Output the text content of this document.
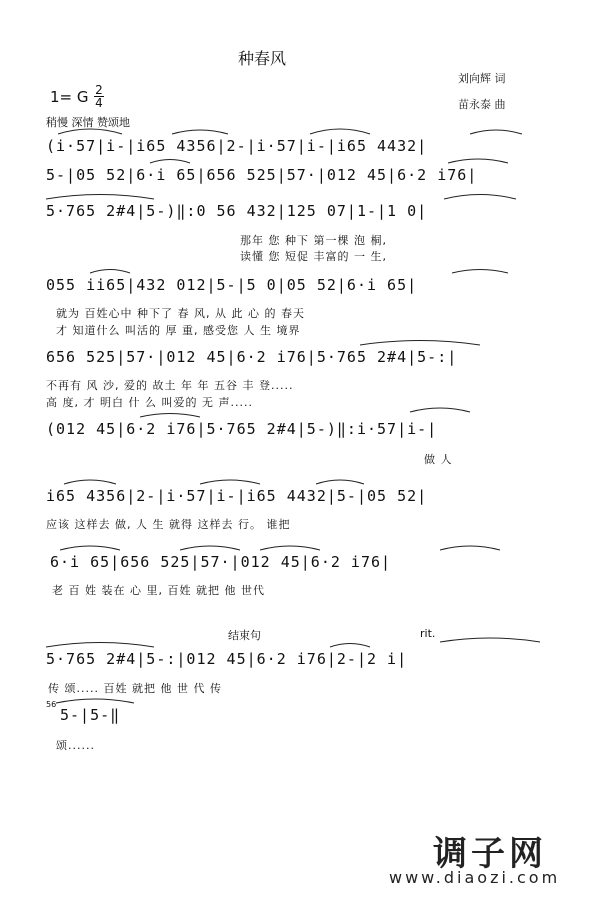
种春风
刘向辉 词
苗永泰 曲
1= G 2
4
稍慢 深情 赞颂地
(i·57|i-|i65 4356|2-|i·57|i-|i65 4432|
5-|05 52|6·i 65|656 525|57·|012 45|6·2 i76|
5·765 2#4|5-)‖:0 56 432|125 07|1-|1 0|
那年 您 种下 第一棵 泡 桐,
读懂 您 短促 丰富的 一 生,
055 ii65|432 012|5-|5 0|05 52|6·i 65|
就为 百姓心中 种下了 春 风, 从 此 心 的 春天
才 知道什么 叫活的 厚 重, 感受您 人 生 境界
656 525|57·|012 45|6·2 i76|5·765 2#4|5-:|
不再有 风 沙, 爱的 故土 年 年 五谷 丰 登.....
高 度, 才 明白 什 么 叫爱的 无 声.....
(012 45|6·2 i76|5·765 2#4|5-)‖:i·57|i-|
做 人
i65 4356|2-|i·57|i-|i65 4432|5-|05 52|
应该 这样去 做, 人 生 就得 这样去 行。 谁把
6·i 65|656 525|57·|012 45|6·2 i76|
老 百 姓 装在 心 里, 百姓 就把 他 世代
结束句	rit.
5·765 2#4|5-:|012 45|6·2 i76|2-|2 i|
传 颂..... 百姓 就把 他 世 代 传
56
5-|5-‖
颂......
调子网
www.diaozi.com
